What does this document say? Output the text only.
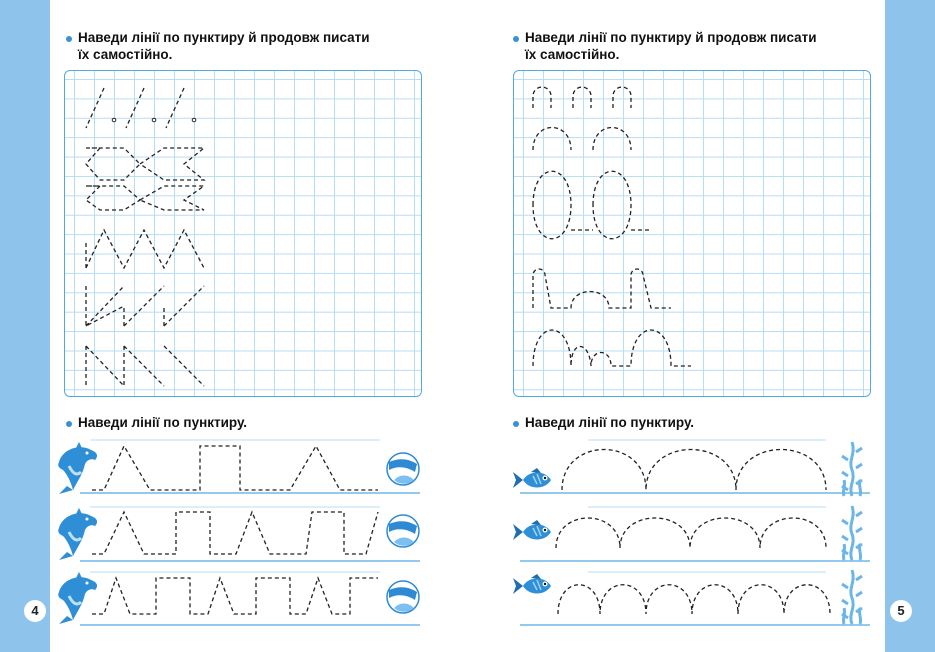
4	5
Наведи лінії по пунктиру й продовж писати
їх самостійно.
Наведи лінії по пунктиру.
Наведи лінії по пунктиру й продовж писати
їх самостійно.
Наведи лінії по пунктиру.
